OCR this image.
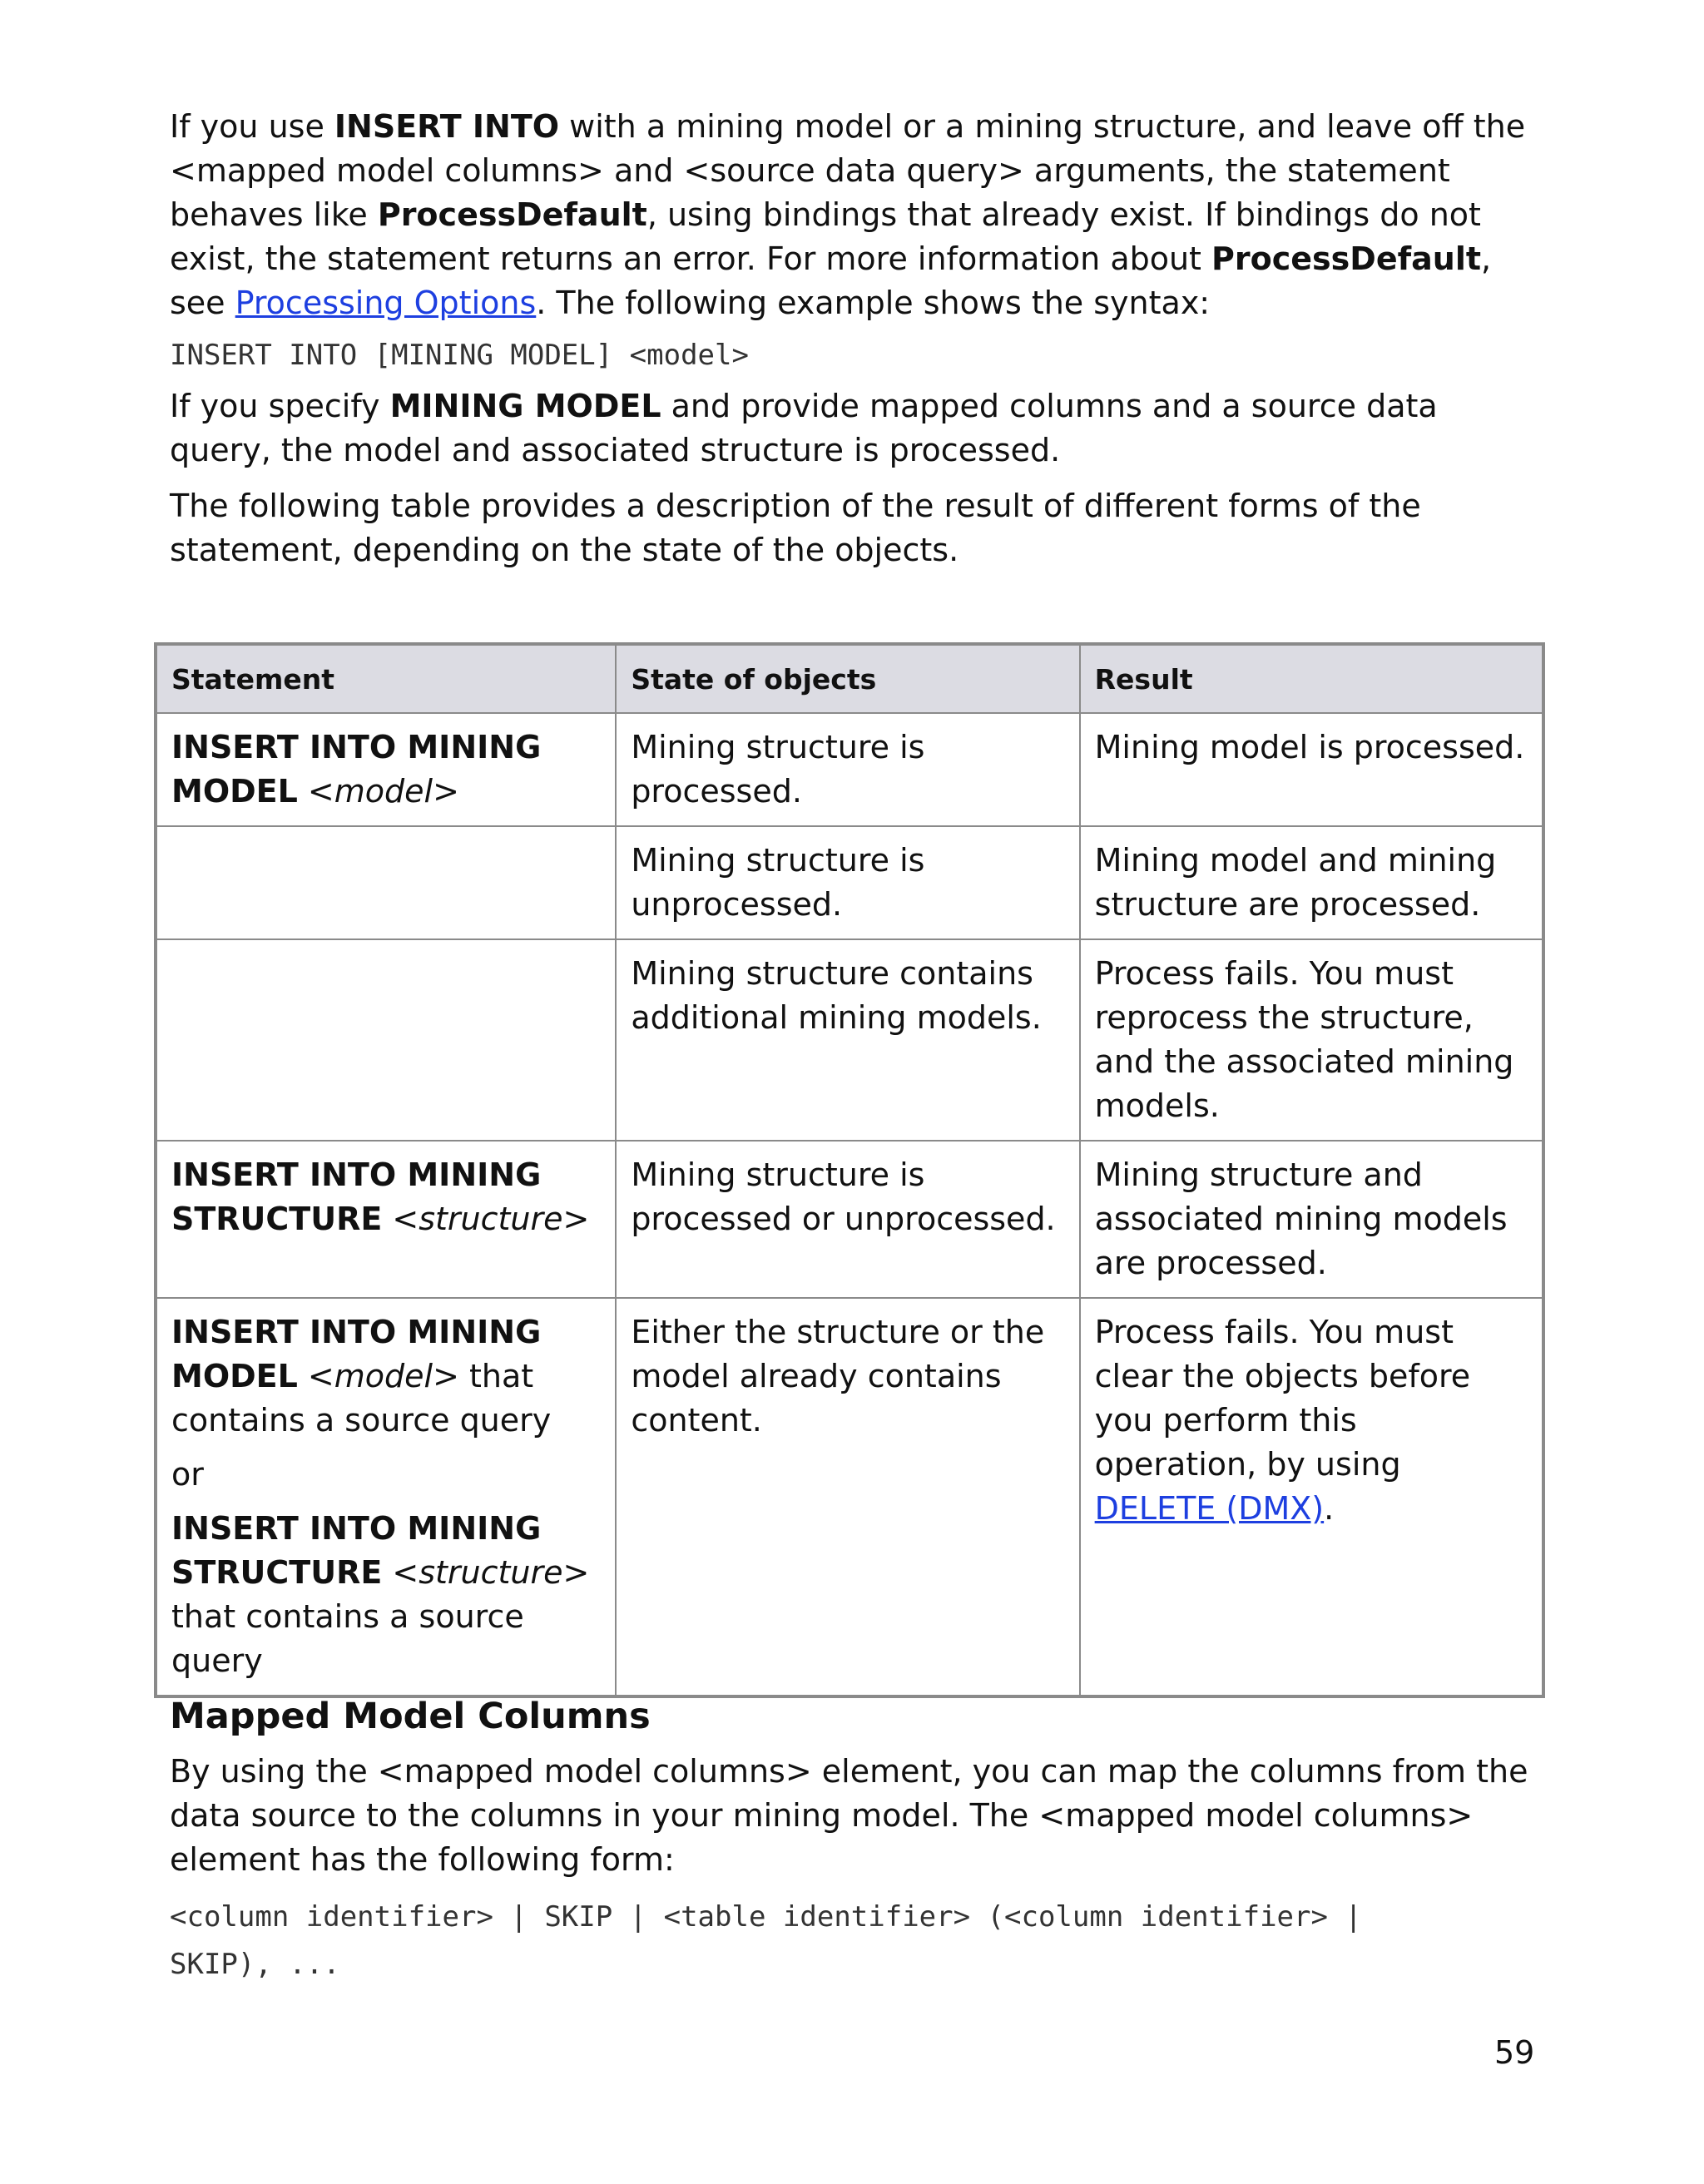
If you use INSERT INTO with a mining model or a mining structure, and leave off the <mapped model columns> and <source data query> arguments, the statement behaves like ProcessDefault, using bindings that already exist. If bindings do not exist, the statement returns an error. For more information about ProcessDefault, see Processing Options. The following example shows the syntax:

INSERT INTO [MINING MODEL] <model>

If you specify MINING MODEL and provide mapped columns and a source data query, the model and associated structure is processed.

The following table provides a description of the result of different forms of the statement, depending on the state of the objects.

Statement	State of objects	Result
INSERT INTO MINING MODEL <model>	Mining structure is processed.	Mining model is processed.
	Mining structure is unprocessed.	Mining model and mining structure are processed.
	Mining structure contains additional mining models.	Process fails. You must reprocess the structure, and the associated mining models.
INSERT INTO MINING STRUCTURE <structure>	Mining structure is processed or unprocessed.	Mining structure and associated mining models are processed.

INSERT INTO MINING MODEL <model> that contains a source query
or
INSERT INTO MINING STRUCTURE <structure> that contains a source query	Either the structure or the model already contains content.	Process fails. You must clear the objects before you perform this operation, by using DELETE (DMX).
Mapped Model Columns

By using the <mapped model columns> element, you can map the columns from the data source to the columns in your mining model. The <mapped model columns> element has the following form:

<column identifier> | SKIP | <table identifier> (<column identifier> |
SKIP), ...
59
